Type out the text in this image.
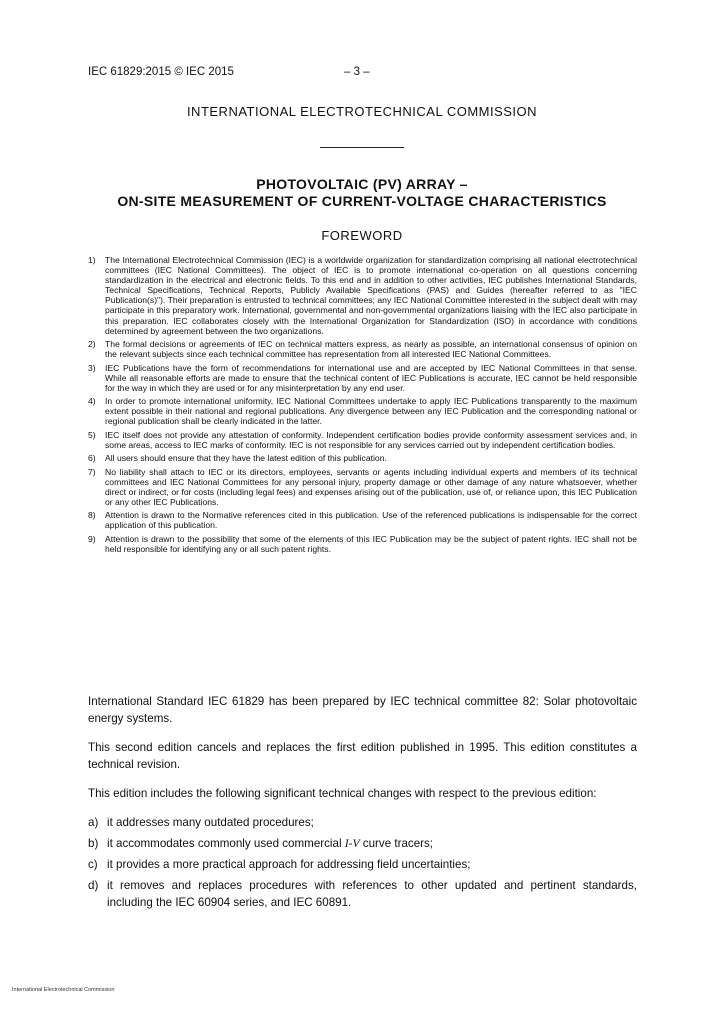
IEC 61829:2015 © IEC 2015	– 3 –
INTERNATIONAL ELECTROTECHNICAL COMMISSION
PHOTOVOLTAIC (PV) ARRAY –
ON-SITE MEASUREMENT OF CURRENT-VOLTAGE CHARACTERISTICS
FOREWORD
1) The International Electrotechnical Commission (IEC) is a worldwide organization for standardization comprising all national electrotechnical committees (IEC National Committees). The object of IEC is to promote international co-operation on all questions concerning standardization in the electrical and electronic fields. To this end and in addition to other activities, IEC publishes International Standards, Technical Specifications, Technical Reports, Publicly Available Specifications (PAS) and Guides (hereafter referred to as "IEC Publication(s)"). Their preparation is entrusted to technical committees; any IEC National Committee interested in the subject dealt with may participate in this preparatory work. International, governmental and non-governmental organizations liaising with the IEC also participate in this preparation. IEC collaborates closely with the International Organization for Standardization (ISO) in accordance with conditions determined by agreement between the two organizations.
2) The formal decisions or agreements of IEC on technical matters express, as nearly as possible, an international consensus of opinion on the relevant subjects since each technical committee has representation from all interested IEC National Committees.
3) IEC Publications have the form of recommendations for international use and are accepted by IEC National Committees in that sense. While all reasonable efforts are made to ensure that the technical content of IEC Publications is accurate, IEC cannot be held responsible for the way in which they are used or for any misinterpretation by any end user.
4) In order to promote international uniformity, IEC National Committees undertake to apply IEC Publications transparently to the maximum extent possible in their national and regional publications. Any divergence between any IEC Publication and the corresponding national or regional publication shall be clearly indicated in the latter.
5) IEC itself does not provide any attestation of conformity. Independent certification bodies provide conformity assessment services and, in some areas, access to IEC marks of conformity. IEC is not responsible for any services carried out by independent certification bodies.
6) All users should ensure that they have the latest edition of this publication.
7) No liability shall attach to IEC or its directors, employees, servants or agents including individual experts and members of its technical committees and IEC National Committees for any personal injury, property damage or other damage of any nature whatsoever, whether direct or indirect, or for costs (including legal fees) and expenses arising out of the publication, use of, or reliance upon, this IEC Publication or any other IEC Publications.
8) Attention is drawn to the Normative references cited in this publication. Use of the referenced publications is indispensable for the correct application of this publication.
9) Attention is drawn to the possibility that some of the elements of this IEC Publication may be the subject of patent rights. IEC shall not be held responsible for identifying any or all such patent rights.

International Standard IEC 61829 has been prepared by IEC technical committee 82: Solar photovoltaic energy systems.

This second edition cancels and replaces the first edition published in 1995. This edition constitutes a technical revision.

This edition includes the following significant technical changes with respect to the previous edition:

a) it addresses many outdated procedures;
b) it accommodates commonly used commercial I-V curve tracers;
c) it provides a more practical approach for addressing field uncertainties;
d) it removes and replaces procedures with references to other updated and pertinent standards, including the IEC 60904 series, and IEC 60891.
International Electrotechnical Commission
